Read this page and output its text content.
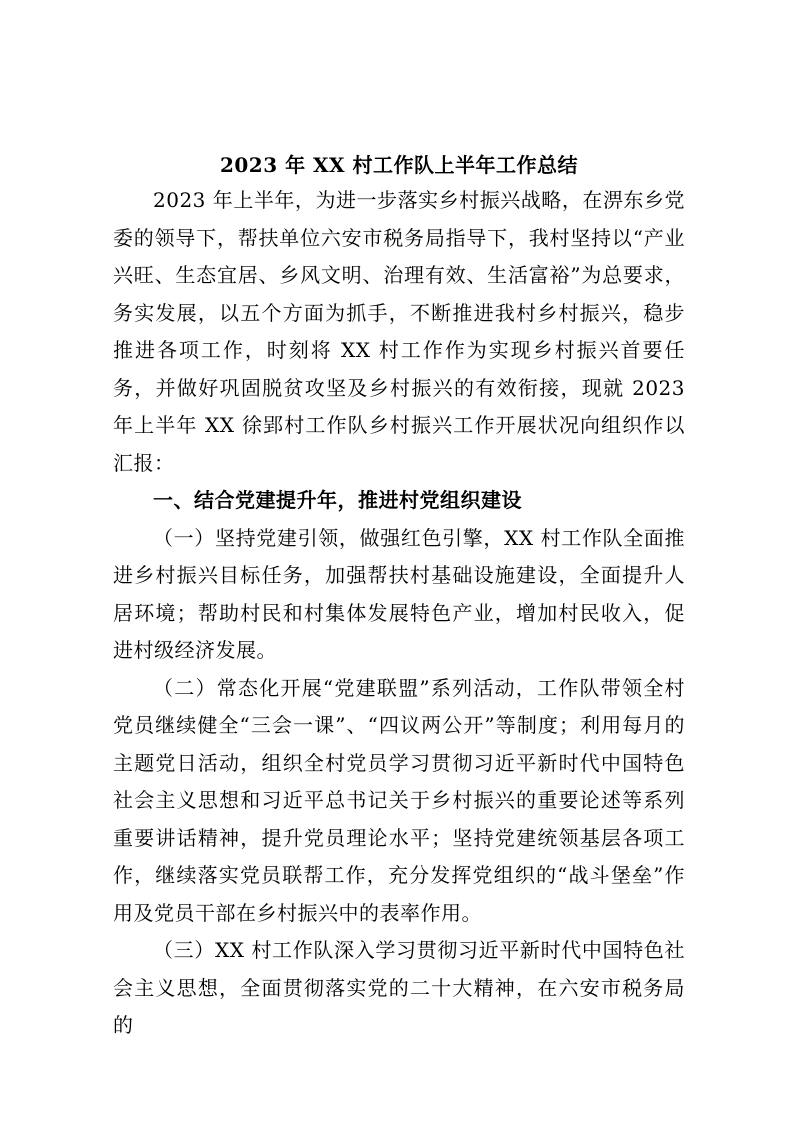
2023 年 XX 村工作队上半年工作总结

2023 年上半年，为进一步落实乡村振兴战略，在淠东乡党委的领导下，帮扶单位六安市税务局指导下，我村坚持以“产业兴旺、生态宜居、乡风文明、治理有效、生活富裕”为总要求，务实发展，以五个方面为抓手，不断推进我村乡村振兴，稳步推进各项工作，时刻将 XX 村工作作为实现乡村振兴首要任务，并做好巩固脱贫攻坚及乡村振兴的有效衔接，现就 2023 年上半年 XX 徐郢村工作队乡村振兴工作开展状况向组织作以汇报：

一、结合党建提升年，推进村党组织建设

（一）坚持党建引领，做强红色引擎，XX 村工作队全面推进乡村振兴目标任务，加强帮扶村基础设施建设，全面提升人居环境；帮助村民和村集体发展特色产业，增加村民收入，促进村级经济发展。

（二）常态化开展“党建联盟”系列活动，工作队带领全村党员继续健全“三会一课”、“四议两公开”等制度；利用每月的主题党日活动，组织全村党员学习贯彻习近平新时代中国特色社会主义思想和习近平总书记关于乡村振兴的重要论述等系列重要讲话精神，提升党员理论水平；坚持党建统领基层各项工作，继续落实党员联帮工作，充分发挥党组织的“战斗堡垒”作用及党员干部在乡村振兴中的表率作用。

（三）XX 村工作队深入学习贯彻习近平新时代中国特色社会主义思想，全面贯彻落实党的二十大精神，在六安市税务局的
